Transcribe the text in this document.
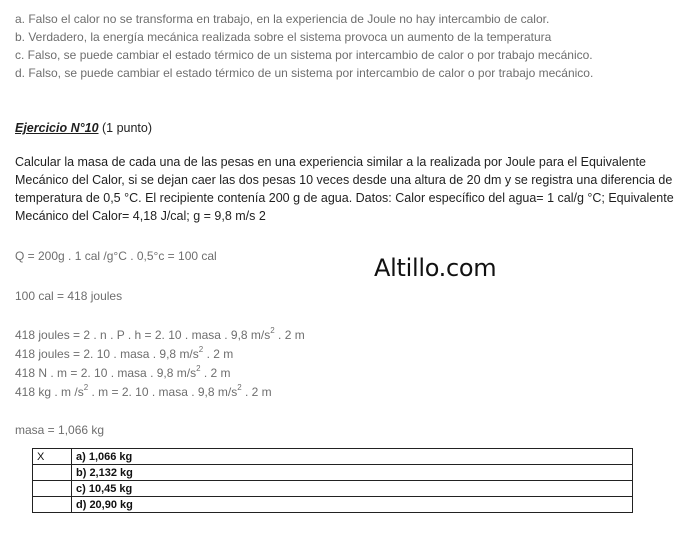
a. Falso el calor no se transforma en trabajo, en la experiencia de Joule no hay intercambio de calor.
b. Verdadero, la energía mecánica realizada sobre el sistema provoca un aumento de la temperatura
c. Falso, se puede cambiar el estado térmico de un sistema por intercambio de calor o por trabajo mecánico.
d. Falso, se puede cambiar el estado térmico de un sistema por intercambio de calor o por trabajo mecánico.
Ejercicio N°10 (1 punto)
Calcular la masa de cada una de las pesas en una experiencia similar a la realizada por Joule para el Equivalente Mecánico del Calor, si se dejan caer las dos pesas 10 veces desde una altura de 20 dm y se registra una diferencia de temperatura de 0,5 °C. El recipiente contenía 200 g de agua. Datos: Calor específico del agua= 1 cal/g °C; Equivalente Mecánico del Calor= 4,18 J/cal; g = 9,8 m/s 2
Altillo.com
Q = 200g . 1 cal /g°C . 0,5°c = 100 cal
100 cal = 418 joules
418 joules = 2 . n . P . h = 2. 10 . masa . 9,8 $m/s^2$ . 2 m
418 joules = 2. 10 . masa . 9,8 $m/s^2$ . 2 m
418 N . m = 2. 10 . masa . 9,8 $m/s^2$ . 2 m
418 kg . m $/s^2$ . m = 2. 10 . masa . 9,8 $m/s^2$ . 2 m
masa = 1,066 kg
X	a) 1,066 kg
	b) 2,132 kg
	c) 10,45 kg
	d) 20,90 kg
